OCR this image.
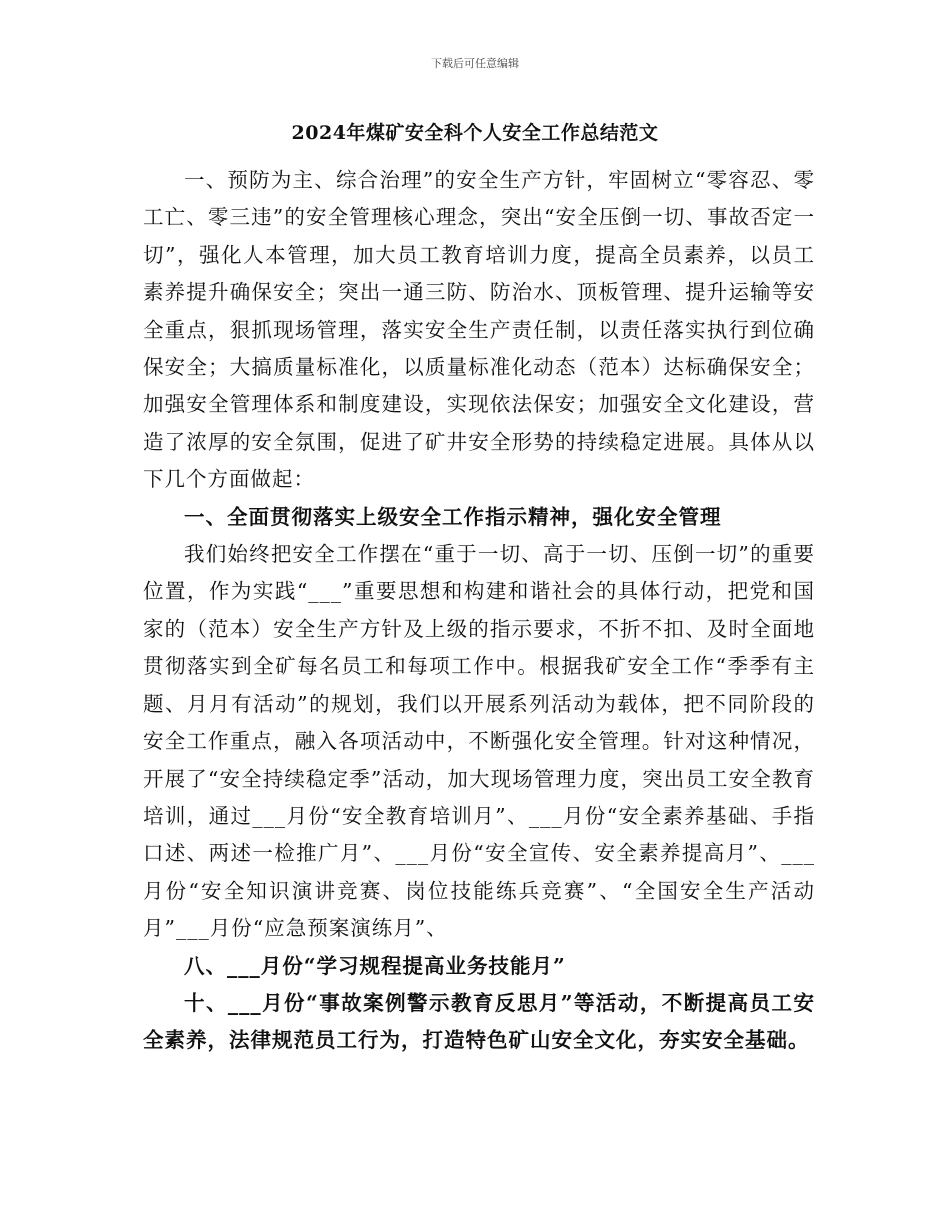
下载后可任意编辑
2024年煤矿安全科个人安全工作总结范文

一、预防为主、综合治理”的安全生产方针，牢固树立“零容忍、零工亡、零三违”的安全管理核心理念，突出“安全压倒一切、事故否定一切”，强化人本管理，加大员工教育培训力度，提高全员素养，以员工素养提升确保安全；突出一通三防、防治水、顶板管理、提升运输等安全重点，狠抓现场管理，落实安全生产责任制，以责任落实执行到位确保安全；大搞质量标准化，以质量标准化动态（范本）达标确保安全；加强安全管理体系和制度建设，实现依法保安；加强安全文化建设，营造了浓厚的安全氛围，促进了矿井安全形势的持续稳定进展。具体从以下几个方面做起：

一、全面贯彻落实上级安全工作指示精神，强化安全管理

我们始终把安全工作摆在“重于一切、高于一切、压倒一切”的重要位置，作为实践“___”重要思想和构建和谐社会的具体行动，把党和国家的（范本）安全生产方针及上级的指示要求，不折不扣、及时全面地贯彻落实到全矿每名员工和每项工作中。根据我矿安全工作“季季有主题、月月有活动”的规划，我们以开展系列活动为载体，把不同阶段的安全工作重点，融入各项活动中，不断强化安全管理。针对这种情况，开展了“安全持续稳定季”活动，加大现场管理力度，突出员工安全教育培训，通过___月份“安全教育培训月”、___月份“安全素养基础、手指口述、两述一检推广月”、___月份“安全宣传、安全素养提高月”、___月份“安全知识演讲竞赛、岗位技能练兵竞赛”、“全国安全生产活动月”___月份“应急预案演练月”、

八、___月份“学习规程提高业务技能月”

十、___月份“事故案例警示教育反思月”等活动，不断提高员工安全素养，法律规范员工行为，打造特色矿山安全文化，夯实安全基础。
